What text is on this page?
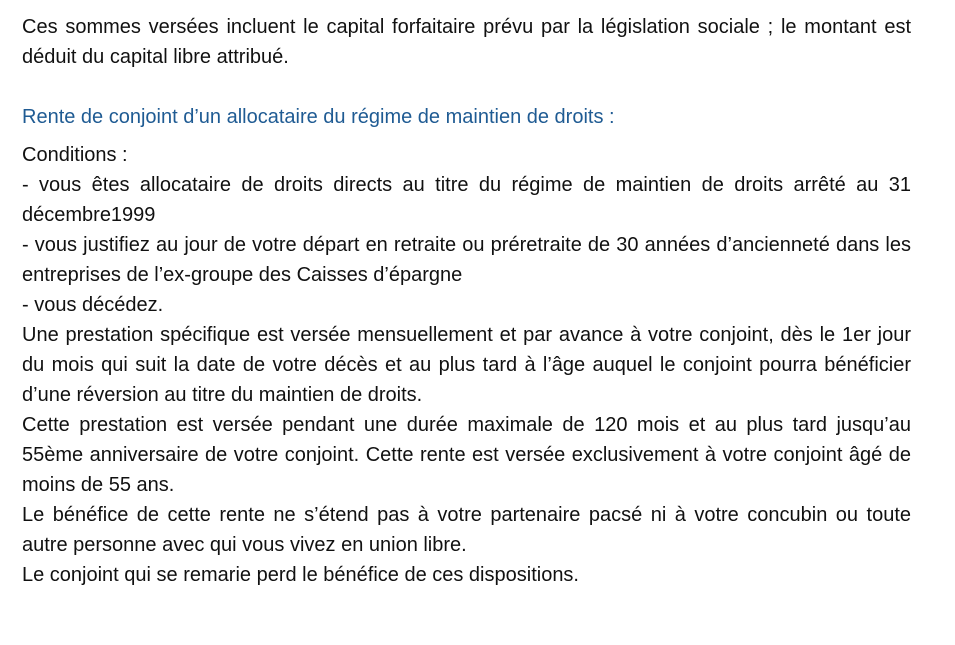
Ces sommes versées incluent le capital forfaitaire prévu par la législation sociale ; le montant est déduit du capital libre attribué.

Rente de conjoint d’un allocataire du régime de maintien de droits :

Conditions :

- vous êtes allocataire de droits directs au titre du régime de maintien de droits arrêté au 31 décembre1999

- vous justifiez au jour de votre départ en retraite ou préretraite de 30 années d’ancienneté dans les entreprises de l’ex-groupe des Caisses d’épargne

- vous décédez.

Une prestation spécifique est versée mensuellement et par avance à votre conjoint, dès le 1er jour du mois qui suit la date de votre décès et au plus tard à l’âge auquel le conjoint pourra bénéficier d’une réversion au titre du maintien de droits.

Cette prestation est versée pendant une durée maximale de 120 mois et au plus tard jusqu’au 55ème anniversaire de votre conjoint. Cette rente est versée exclusivement à votre conjoint âgé de moins de 55 ans.

Le bénéfice de cette rente ne s’étend pas à votre partenaire pacsé ni à votre concubin ou toute autre personne avec qui vous vivez en union libre.

Le conjoint qui se remarie perd le bénéfice de ces dispositions.
